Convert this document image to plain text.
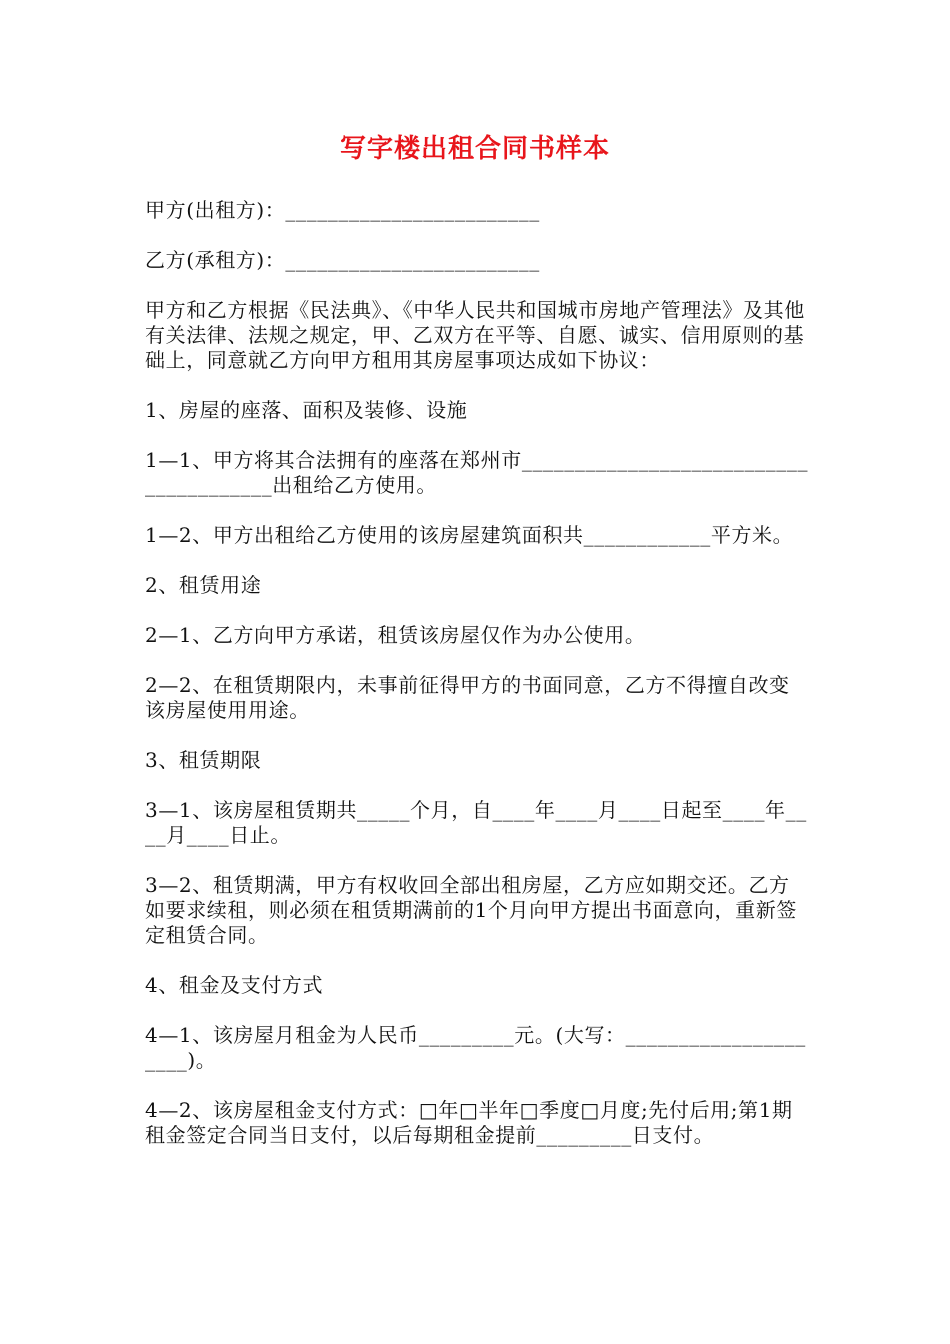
写字楼出租合同书样本

甲方(出租方)：________________________

乙方(承租方)：________________________

甲方和乙方根据《民法典》、《中华人民共和国城市房地产管理法》及其他有关法律、法规之规定，甲、乙双方在平等、自愿、诚实、信用原则的基础上，同意就乙方向甲方租用其房屋事项达成如下协议：

1、房屋的座落、面积及装修、设施

1—1、甲方将其合法拥有的座落在郑州市_______________________________________出租给乙方使用。

1—2、甲方出租给乙方使用的该房屋建筑面积共____________平方米。

2、租赁用途

2—1、乙方向甲方承诺，租赁该房屋仅作为办公使用。

2—2、在租赁期限内，未事前征得甲方的书面同意，乙方不得擅自改变该房屋使用用途。

3、租赁期限

3—1、该房屋租赁期共_____个月，自____年____月____日起至____年____月____日止。

3—2、租赁期满，甲方有权收回全部出租房屋，乙方应如期交还。乙方如要求续租，则必须在租赁期满前的1个月向甲方提出书面意向，重新签定租赁合同。

4、租金及支付方式

4—1、该房屋月租金为人民币_________元。(大写：_____________________)。

4—2、该房屋租金支付方式：□年□半年□季度□月度;先付后用;第1期租金签定合同当日支付，以后每期租金提前_________日支付。
